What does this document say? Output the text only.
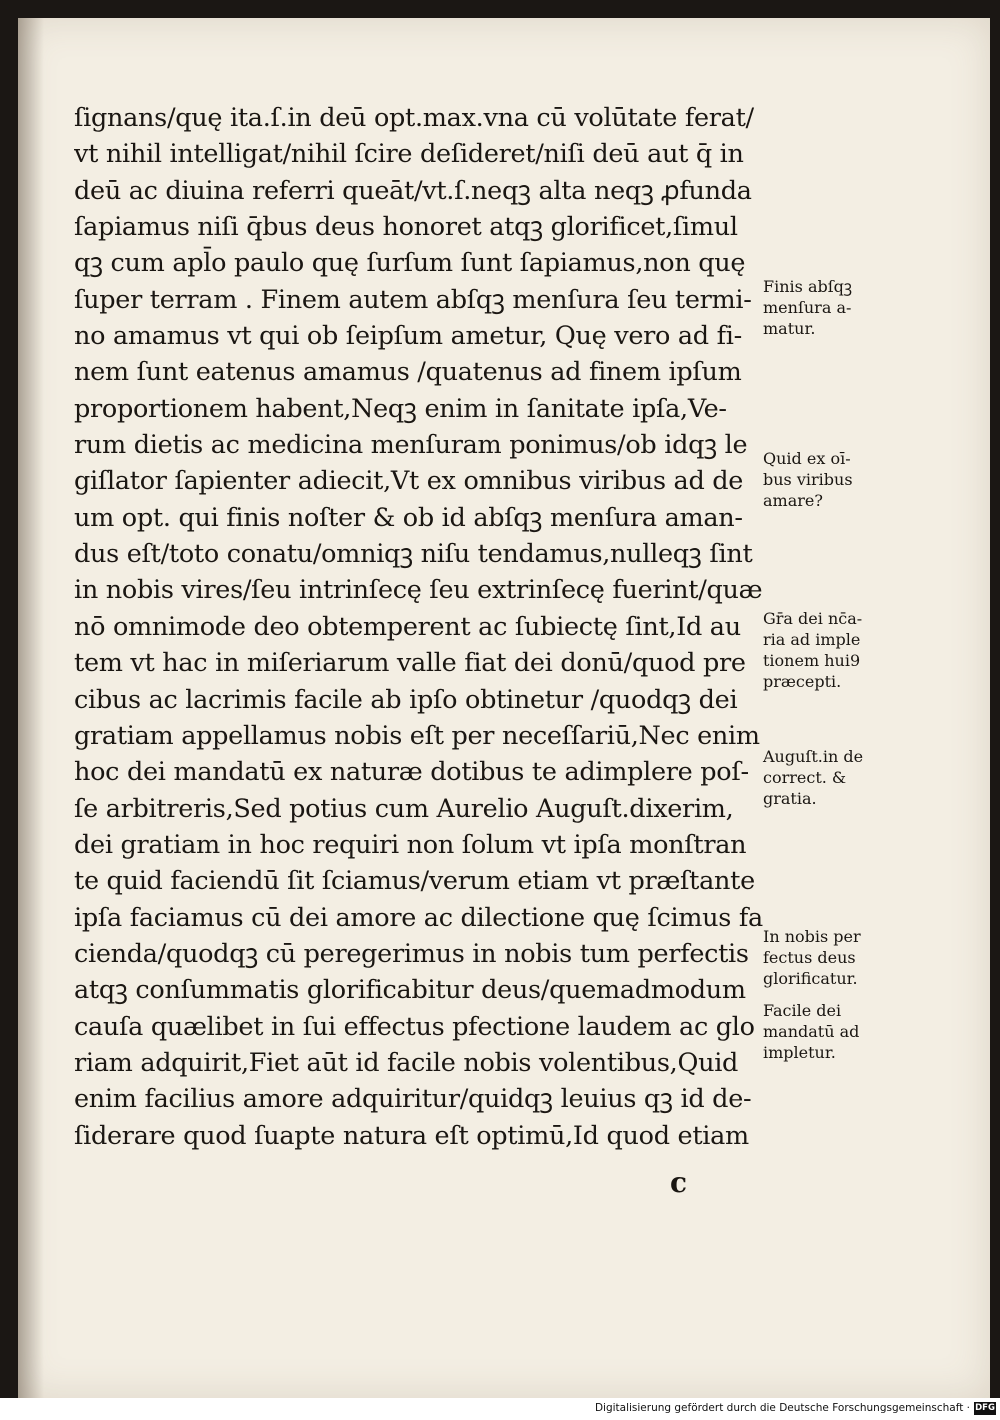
ſignans/quę ita.ſ.in deū opt.max.vna cū volūtate ferat/
vt nihil intelligat/nihil ſcire deſideret/niſi deū aut q̄ in
deū ac diuina referri queāt/vt.ſ.neqꝫ alta neqꝫ ꝓfunda
ſapiamus niſi q̄bus deus honoret atqꝫ glorificet,ſimul
qꝫ cum apl̄o paulo quę ſurſum ſunt ſapiamus,non quę
ſuper terram . Finem autem abſqꝫ menſura ſeu termi-
no amamus vt qui ob ſeipſum ametur, Quę vero ad fi-
nem ſunt eatenus amamus /quatenus ad finem ipſum
proportionem habent,Neqꝫ enim in ſanitate ipſa,Ve-
rum dietis ac medicina menſuram ponimus/ob idqꝫ le
giſlator ſapienter adiecit,Vt ex omnibus viribus ad de
um opt. qui finis noſter & ob id abſqꝫ menſura aman-
dus eſt/toto conatu/omniqꝫ niſu tendamus,nulleqꝫ ſint
in nobis vires/ſeu intrinſecę ſeu extrinſecę fuerint/quæ
nō omnimode deo obtemperent ac ſubiectę ſint,Id au
tem vt hac in miſeriarum valle fiat dei donū/quod pre
cibus ac lacrimis facile ab ipſo obtinetur /quodqꝫ dei
gratiam appellamus nobis eſt per neceſſariū,Nec enim
hoc dei mandatū ex naturæ dotibus te adimplere poſ-
ſe arbitreris,Sed potius cum Aurelio Auguſt.dixerim,
dei gratiam in hoc requiri non ſolum vt ipſa monſtran
te quid faciendū ſit ſciamus/verum etiam vt præſtante
ipſa faciamus cū dei amore ac dilectione quę ſcimus fa
cienda/quodqꝫ cū peregerimus in nobis tum perfectis
atqꝫ conſummatis glorificabitur deus/quemadmodum
cauſa quælibet in ſui effectus pfectione laudem ac glo
riam adquirit,Fiet aūt id facile nobis volentibus,Quid
enim facilius amore adquiritur/quidqꝫ leuius qꝫ id de-
ſiderare quod ſuapte natura eſt optimū,Id quod etiam
Finis abſqꝫ
menſura a-
matur.
Quid ex oī-
bus viribus
amare?
Gr̄a dei nc̄a-
ria ad imple
tionem hui9
præcepti.
Auguſt.in de
correct. &
gratia.
In nobis per
fectus deus
glorificatur.
Facile dei
mandatū ad
impletur.
c
Digitalisierung gefördert durch die Deutsche Forschungsgemeinschaft · DFG
